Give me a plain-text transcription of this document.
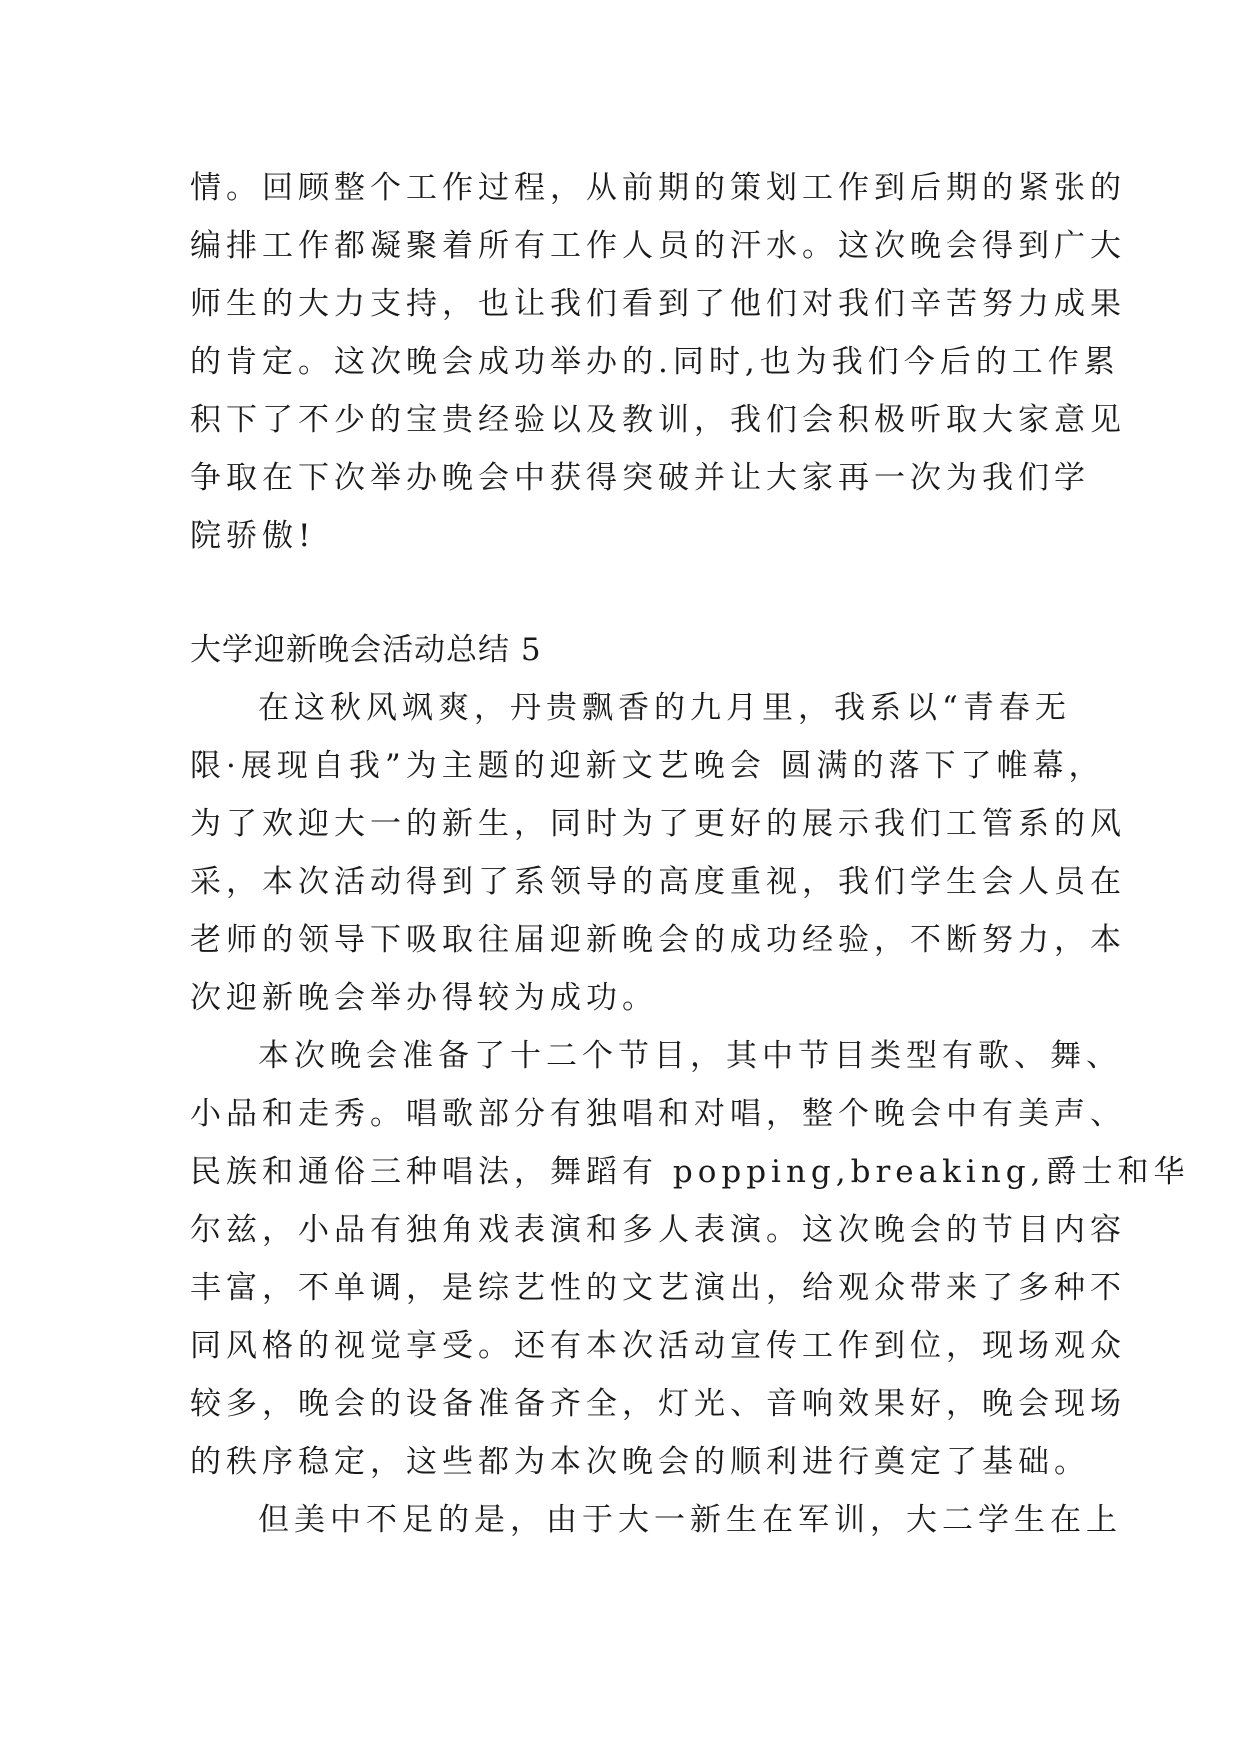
情。回顾整个工作过程，从前期的策划工作到后期的紧张的
编排工作都凝聚着所有工作人员的汗水。这次晚会得到广大
师生的大力支持，也让我们看到了他们对我们辛苦努力成果
的肯定。这次晚会成功举办的.同时,也为我们今后的工作累
积下了不少的宝贵经验以及教训，我们会积极听取大家意见
争取在下次举办晚会中获得突破并让大家再一次为我们学
院骄傲!
大学迎新晚会活动总结 5
在这秋风飒爽，丹贵飘香的九月里，我系以“青春无
限·展现自我”为主题的迎新文艺晚会 圆满的落下了帷幕，
为了欢迎大一的新生，同时为了更好的展示我们工管系的风
采，本次活动得到了系领导的高度重视，我们学生会人员在
老师的领导下吸取往届迎新晚会的成功经验，不断努力，本
次迎新晚会举办得较为成功。
本次晚会准备了十二个节目，其中节目类型有歌、舞、
小品和走秀。唱歌部分有独唱和对唱，整个晚会中有美声、
民族和通俗三种唱法，舞蹈有 popping,breaking,爵士和华
尔兹，小品有独角戏表演和多人表演。这次晚会的节目内容
丰富，不单调，是综艺性的文艺演出，给观众带来了多种不
同风格的视觉享受。还有本次活动宣传工作到位，现场观众
较多，晚会的设备准备齐全，灯光、音响效果好，晚会现场
的秩序稳定，这些都为本次晚会的顺利进行奠定了基础。
但美中不足的是，由于大一新生在军训，大二学生在上
